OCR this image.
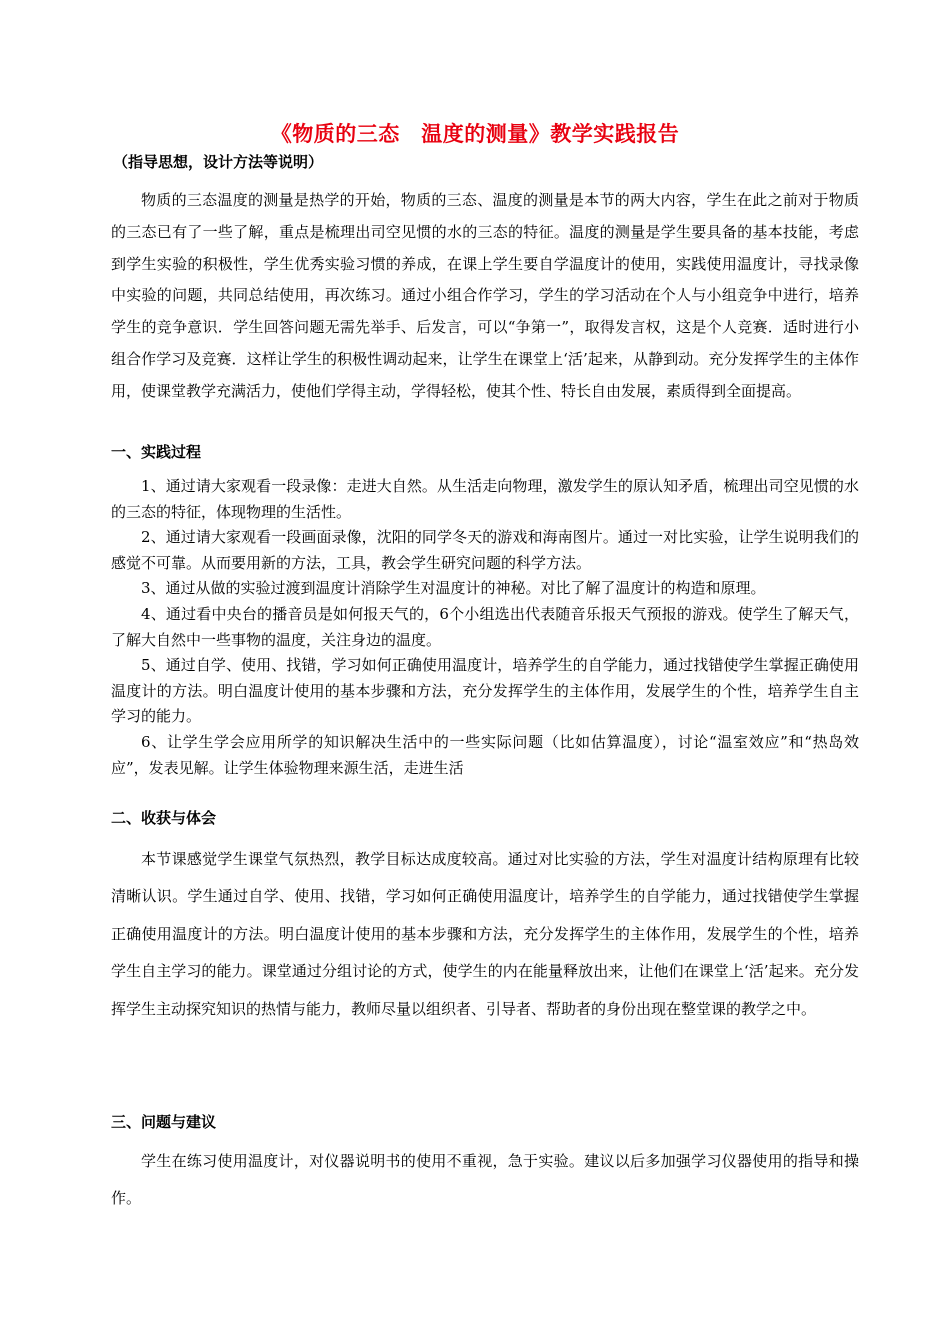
《物质的三态　温度的测量》教学实践报告
（指导思想，设计方法等说明）
物质的三态温度的测量是热学的开始，物质的三态、温度的测量是本节的两大内容，学生在此之前对于物质的三态已有了一些了解，重点是梳理出司空见惯的水的三态的特征。温度的测量是学生要具备的基本技能，考虑到学生实验的积极性，学生优秀实验习惯的养成，在课上学生要自学温度计的使用，实践使用温度计，寻找录像中实验的问题，共同总结使用，再次练习。通过小组合作学习，学生的学习活动在个人与小组竞争中进行，培养学生的竞争意识．学生回答问题无需先举手、后发言，可以“争第一”，取得发言权，这是个人竞赛．适时进行小组合作学习及竞赛．这样让学生的积极性调动起来，让学生在课堂上‘活’起来，从静到动。充分发挥学生的主体作用，使课堂教学充满活力，使他们学得主动，学得轻松，使其个性、特长自由发展，素质得到全面提高。
一、实践过程

1、通过请大家观看一段录像：走进大自然。从生活走向物理，激发学生的原认知矛盾，梳理出司空见惯的水的三态的特征，体现物理的生活性。

2、通过请大家观看一段画面录像，沈阳的同学冬天的游戏和海南图片。通过一对比实验，让学生说明我们的感觉不可靠。从而要用新的方法，工具，教会学生研究问题的科学方法。

3、通过从做的实验过渡到温度计消除学生对温度计的神秘。对比了解了温度计的构造和原理。

4、通过看中央台的播音员是如何报天气的，6个小组选出代表随音乐报天气预报的游戏。使学生了解天气，了解大自然中一些事物的温度，关注身边的温度。

5、通过自学、使用、找错，学习如何正确使用温度计，培养学生的自学能力，通过找错使学生掌握正确使用温度计的方法。明白温度计使用的基本步骤和方法，充分发挥学生的主体作用，发展学生的个性，培养学生自主学习的能力。

6、让学生学会应用所学的知识解决生活中的一些实际问题（比如估算温度），讨论“温室效应”和“热岛效应”，发表见解。让学生体验物理来源生活，走进生活

二、收获与体会
本节课感觉学生课堂气氛热烈，教学目标达成度较高。通过对比实验的方法，学生对温度计结构原理有比较清晰认识。学生通过自学、使用、找错，学习如何正确使用温度计，培养学生的自学能力，通过找错使学生掌握正确使用温度计的方法。明白温度计使用的基本步骤和方法，充分发挥学生的主体作用，发展学生的个性，培养学生自主学习的能力。课堂通过分组讨论的方式，使学生的内在能量释放出来，让他们在课堂上‘活’起来。充分发挥学生主动探究知识的热情与能力，教师尽量以组织者、引导者、帮助者的身份出现在整堂课的教学之中。
三、问题与建议
学生在练习使用温度计，对仪器说明书的使用不重视，急于实验。建议以后多加强学习仪器使用的指导和操作。
